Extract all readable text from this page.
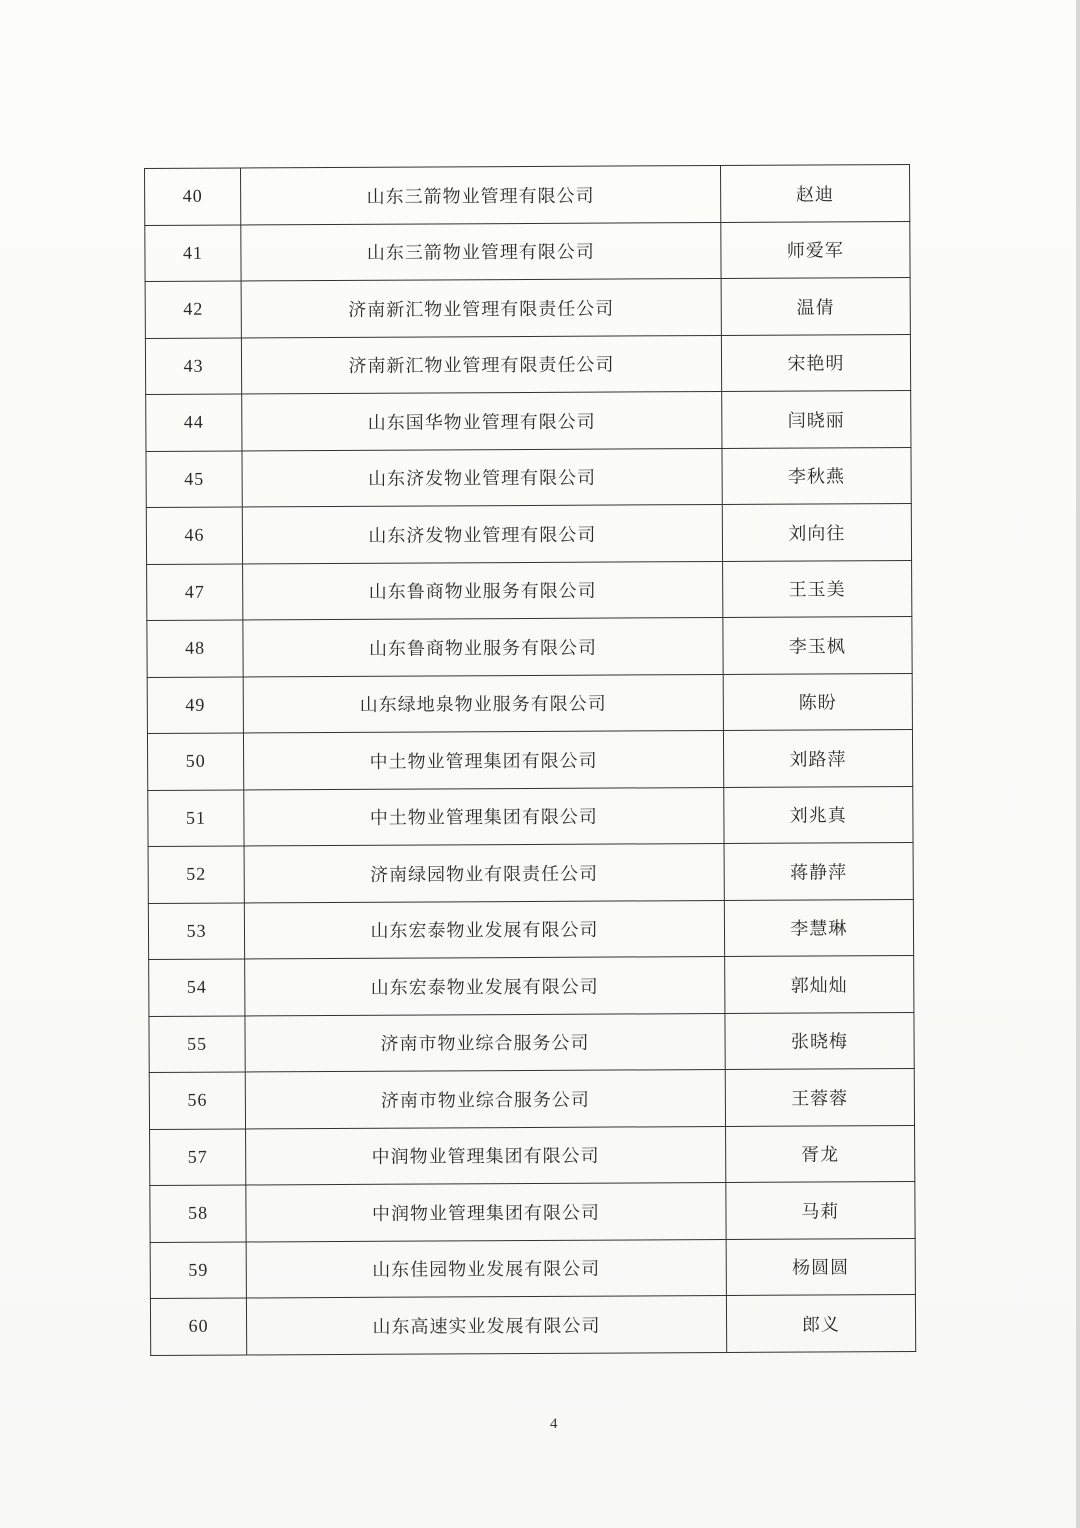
40	山东三箭物业管理有限公司	赵迪
41	山东三箭物业管理有限公司	师爱军
42	济南新汇物业管理有限责任公司	温倩
43	济南新汇物业管理有限责任公司	宋艳明
44	山东国华物业管理有限公司	闫晓丽
45	山东济发物业管理有限公司	李秋燕
46	山东济发物业管理有限公司	刘向往
47	山东鲁商物业服务有限公司	王玉美
48	山东鲁商物业服务有限公司	李玉枫
49	山东绿地泉物业服务有限公司	陈盼
50	中土物业管理集团有限公司	刘路萍
51	中土物业管理集团有限公司	刘兆真
52	济南绿园物业有限责任公司	蒋静萍
53	山东宏泰物业发展有限公司	李慧琳
54	山东宏泰物业发展有限公司	郭灿灿
55	济南市物业综合服务公司	张晓梅
56	济南市物业综合服务公司	王蓉蓉
57	中润物业管理集团有限公司	胥龙
58	中润物业管理集团有限公司	马莉
59	山东佳园物业发展有限公司	杨圆圆
60	山东高速实业发展有限公司	郎义
4
